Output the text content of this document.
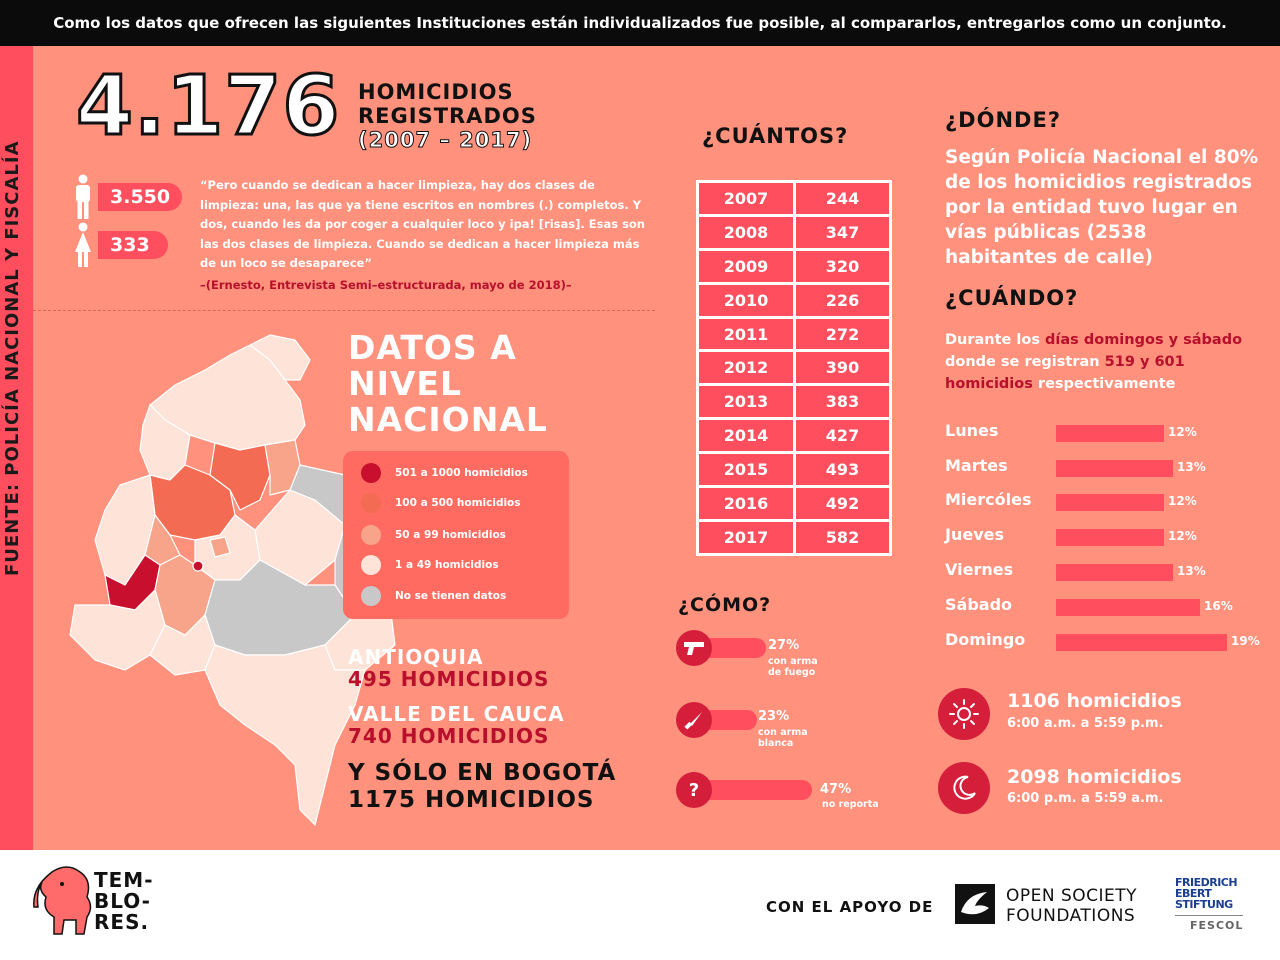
Como los datos que ofrecen las siguientes Instituciones están individualizados fue posible, al compararlos, entregarlos como un conjunto.
FUENTE: POLICÍA NACIONAL Y FISCALÍA
4.176 HOMICIDIOS
REGISTRADOS
(2007 – 2017)
3.550
333
“Pero cuando se dedican a hacer limpieza, hay dos clases de limpieza: una, las que ya tiene escritos en nombres (.) completos. Y dos, cuando les da por coger a cualquier loco y ipa! [risas]. Esas son las dos clases de limpieza. Cuando se dedican a hacer limpieza más de un loco se desaparece”
–(Ernesto, Entrevista Semi–estructurada, mayo de 2018)–
DATOS A
NIVEL
NACIONAL
501 a 1000 homicidios
100 a 500 homicidios
50 a 99 homicidios
1 a 49 homicidios
No se tienen datos
ANTIOQUIA
495 HOMICIDIOS
VALLE DEL CAUCA
740 HOMICIDIOS
Y SÓLO EN BOGOTÁ
1175 HOMICIDIOS
¿CUÁNTOS?
2007	244
2008	347
2009	320
2010	226
2011	272
2012	390
2013	383
2014	427
2015	493
2016	492
2017	582
¿CÓMO?
27%
con arma
de fuego
23%
con arma
blanca
?	47%
no reporta
¿DÓNDE?
Según Policía Nacional el 80% de los homicidios registrados por la entidad tuvo lugar en vías públicas (2538 habitantes de calle)
¿CUÁNDO?
Durante los días domingos y sábado donde se registran 519 y 601 homicidios respectivamente
Lunes	12%
Martes	13%
Miercóles	12%
Jueves	12%
Viernes	13%
Sábado	16%
Domingo	19%
1106 homicidios
6:00 a.m. a 5:59 p.m.
2098 homicidios
6:00 p.m. a 5:59 a.m.
TEM-
BLO-
RES.
CON EL APOYO DE
OPEN SOCIETY
FOUNDATIONS
FRIEDRICH
EBERT
STIFTUNG
FESCOL
